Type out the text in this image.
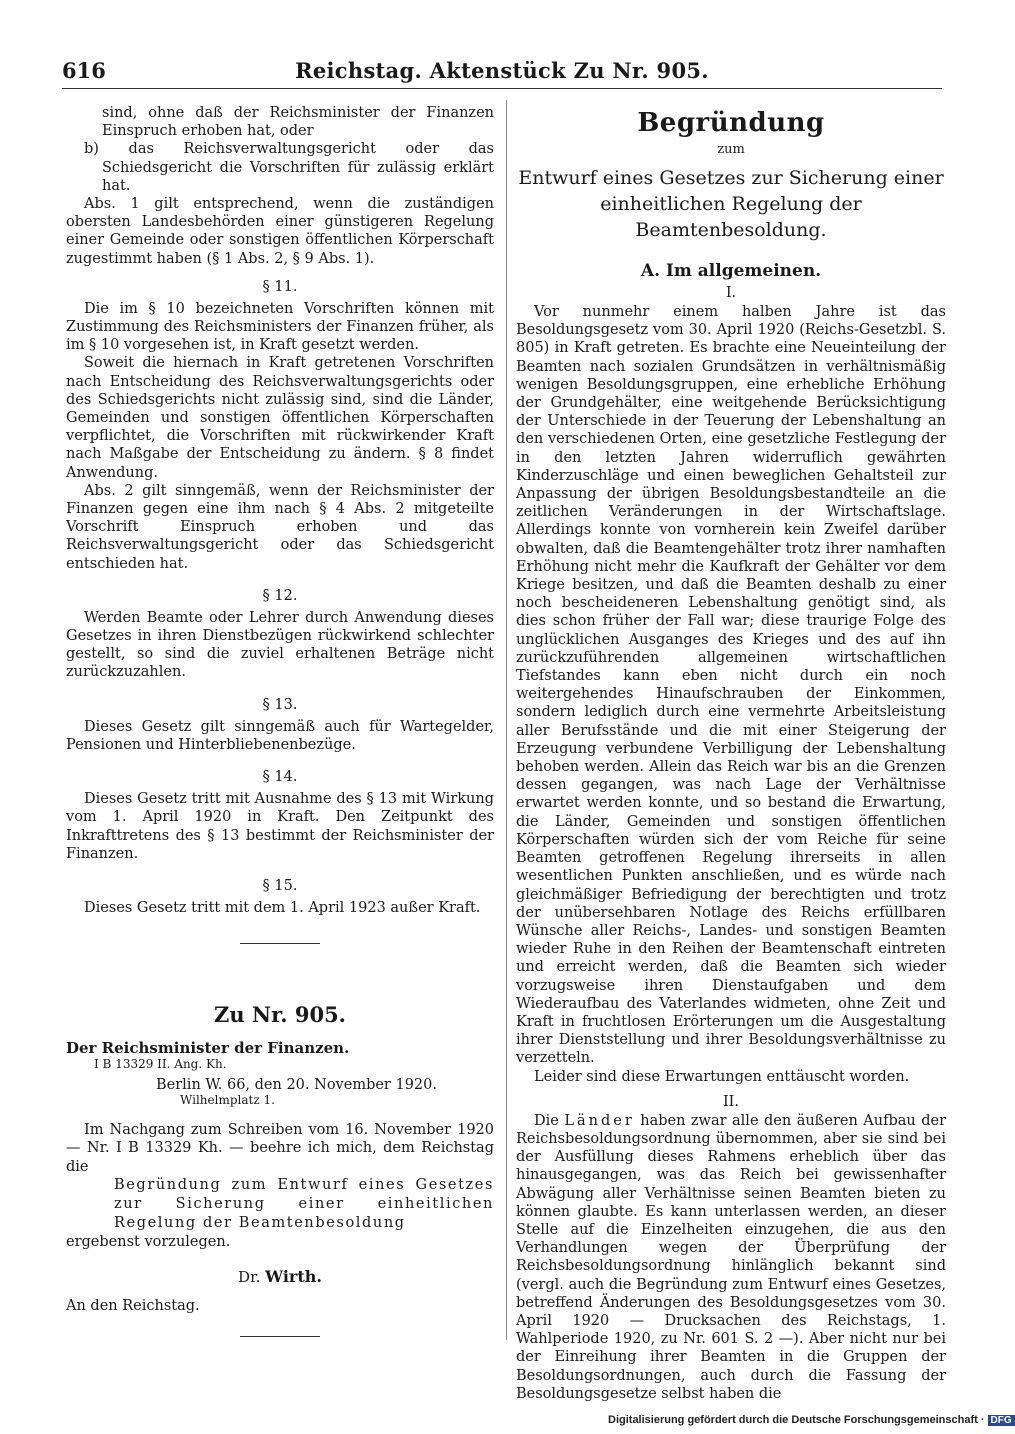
616	Reichstag. Aktenstück Zu Nr. 905.

sind, ohne daß der Reichsminister der Finanzen Einspruch erhoben hat, oder

b) das Reichsverwaltungsgericht oder das Schiedsgericht die Vorschriften für zulässig erklärt hat.

Abs. 1 gilt entsprechend, wenn die zuständigen obersten Landesbehörden einer günstigeren Regelung einer Gemeinde oder sonstigen öffentlichen Körperschaft zugestimmt haben (§ 1 Abs. 2, § 9 Abs. 1).

§ 11.

Die im § 10 bezeichneten Vorschriften können mit Zustimmung des Reichsministers der Finanzen früher, als im § 10 vorgesehen ist, in Kraft gesetzt werden.

Soweit die hiernach in Kraft getretenen Vorschriften nach Entscheidung des Reichsverwaltungsgerichts oder des Schiedsgerichts nicht zulässig sind, sind die Länder, Gemeinden und sonstigen öffentlichen Körperschaften verpflichtet, die Vorschriften mit rückwirkender Kraft nach Maßgabe der Entscheidung zu ändern. § 8 findet Anwendung.

Abs. 2 gilt sinngemäß, wenn der Reichsminister der Finanzen gegen eine ihm nach § 4 Abs. 2 mitgeteilte Vorschrift Einspruch erhoben und das Reichsverwaltungsgericht oder das Schiedsgericht entschieden hat.

§ 12.

Werden Beamte oder Lehrer durch Anwendung dieses Gesetzes in ihren Dienstbezügen rückwirkend schlechter gestellt, so sind die zuviel erhaltenen Beträge nicht zurückzuzahlen.

§ 13.

Dieses Gesetz gilt sinngemäß auch für Wartegelder, Pensionen und Hinterbliebenenbezüge.

§ 14.

Dieses Gesetz tritt mit Ausnahme des § 13 mit Wirkung vom 1. April 1920 in Kraft. Den Zeitpunkt des Inkrafttretens des § 13 bestimmt der Reichsminister der Finanzen.

§ 15.

Dieses Gesetz tritt mit dem 1. April 1923 außer Kraft.

Zu Nr. 905.

Der Reichsminister der Finanzen.

I B 13329 II. Ang. Kh.

Berlin W. 66, den 20. November 1920.

Wilhelmplatz 1.

Im Nachgang zum Schreiben vom 16. November 1920 — Nr. I B 13329 Kh. — beehre ich mich, dem Reichstag die

Begründung zum Entwurf eines Gesetzes zur Sicherung einer einheitlichen Regelung der Beamtenbesoldung

ergebenst vorzulegen.

Dr. Wirth.

An den Reichstag.

Begründung
zum
Entwurf eines Gesetzes zur Sicherung einer einheitlichen Regelung der Beamtenbesoldung.
A. Im allgemeinen.
I.

Vor nunmehr einem halben Jahre ist das Besoldungsgesetz vom 30. April 1920 (Reichs-Gesetzbl. S. 805) in Kraft getreten. Es brachte eine Neueinteilung der Beamten nach sozialen Grundsätzen in verhältnismäßig wenigen Besoldungsgruppen, eine erhebliche Erhöhung der Grundgehälter, eine weitgehende Berücksichtigung der Unterschiede in der Teuerung der Lebenshaltung an den verschiedenen Orten, eine gesetzliche Festlegung der in den letzten Jahren widerruflich gewährten Kinderzuschläge und einen beweglichen Gehaltsteil zur Anpassung der übrigen Besoldungsbestandteile an die zeitlichen Veränderungen in der Wirtschaftslage. Allerdings konnte von vornherein kein Zweifel darüber obwalten, daß die Beamtengehälter trotz ihrer namhaften Erhöhung nicht mehr die Kaufkraft der Gehälter vor dem Kriege besitzen, und daß die Beamten deshalb zu einer noch bescheideneren Lebenshaltung genötigt sind, als dies schon früher der Fall war; diese traurige Folge des unglücklichen Ausganges des Krieges und des auf ihn zurückzuführenden allgemeinen wirtschaftlichen Tiefstandes kann eben nicht durch ein noch weitergehendes Hinaufschrauben der Einkommen, sondern lediglich durch eine vermehrte Arbeitsleistung aller Berufsstände und die mit einer Steigerung der Erzeugung verbundene Verbilligung der Lebenshaltung behoben werden. Allein das Reich war bis an die Grenzen dessen gegangen, was nach Lage der Verhältnisse erwartet werden konnte, und so bestand die Erwartung, die Länder, Gemeinden und sonstigen öffentlichen Körperschaften würden sich der vom Reiche für seine Beamten getroffenen Regelung ihrerseits in allen wesentlichen Punkten anschließen, und es würde nach gleichmäßiger Befriedigung der berechtigten und trotz der unübersehbaren Notlage des Reichs erfüllbaren Wünsche aller Reichs-, Landes- und sonstigen Beamten wieder Ruhe in den Reihen der Beamtenschaft eintreten und erreicht werden, daß die Beamten sich wieder vorzugsweise ihren Dienstaufgaben und dem Wiederaufbau des Vaterlandes widmeten, ohne Zeit und Kraft in fruchtlosen Erörterungen um die Ausgestaltung ihrer Dienststellung und ihrer Besoldungsverhältnisse zu verzetteln.

Leider sind diese Erwartungen enttäuscht worden.

II.

Die Länder haben zwar alle den äußeren Aufbau der Reichsbesoldungsordnung übernommen, aber sie sind bei der Ausfüllung dieses Rahmens erheblich über das hinausgegangen, was das Reich bei gewissenhafter Abwägung aller Verhältnisse seinen Beamten bieten zu können glaubte. Es kann unterlassen werden, an dieser Stelle auf die Einzelheiten einzugehen, die aus den Verhandlungen wegen der Überprüfung der Reichsbesoldungsordnung hinlänglich bekannt sind (vergl. auch die Begründung zum Entwurf eines Gesetzes, betreffend Änderungen des Besoldungsgesetzes vom 30. April 1920 — Drucksachen des Reichstags, 1. Wahlperiode 1920, zu Nr. 601 S. 2 —). Aber nicht nur bei der Einreihung ihrer Beamten in die Gruppen der Besoldungsordnungen, auch durch die Fassung der Besoldungsgesetze selbst haben die

Digitalisierung gefördert durch die Deutsche Forschungsgemeinschaft · DFG
